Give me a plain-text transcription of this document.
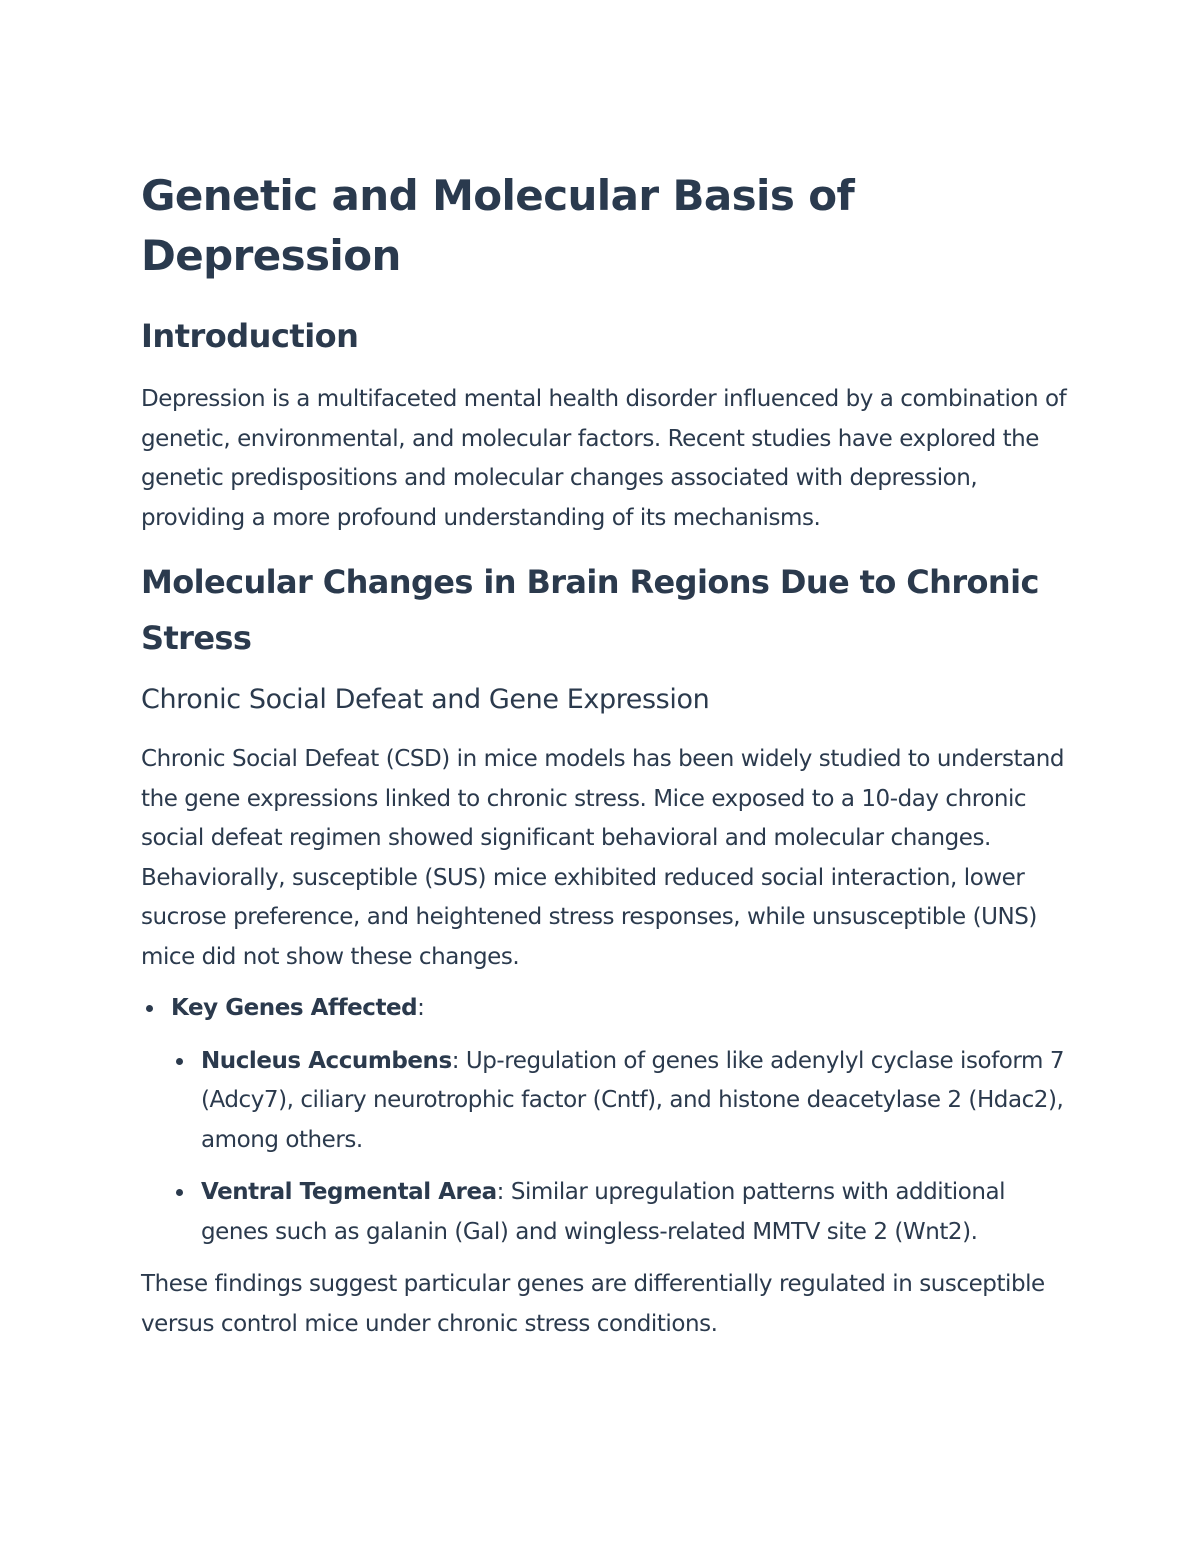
Genetic and Molecular Basis of Depression
Introduction

Depression is a multifaceted mental health disorder influenced by a combination of genetic, environmental, and molecular factors. Recent studies have explored the genetic predispositions and molecular changes associated with depression, providing a more profound understanding of its mechanisms.

Molecular Changes in Brain Regions Due to Chronic Stress
Chronic Social Defeat and Gene Expression

Chronic Social Defeat (CSD) in mice models has been widely studied to understand the gene expressions linked to chronic stress. Mice exposed to a 10-day chronic social defeat regimen showed significant behavioral and molecular changes. Behaviorally, susceptible (SUS) mice exhibited reduced social interaction, lower sucrose preference, and heightened stress responses, while unsusceptible (UNS) mice did not show these changes.

Key Genes Affected:
Nucleus Accumbens: Up-regulation of genes like adenylyl cyclase isoform 7 (Adcy7), ciliary neurotrophic factor (Cntf), and histone deacetylase 2 (Hdac2), among others.
Ventral Tegmental Area: Similar upregulation patterns with additional genes such as galanin (Gal) and wingless-related MMTV site 2 (Wnt2).

These findings suggest particular genes are differentially regulated in susceptible versus control mice under chronic stress conditions.
